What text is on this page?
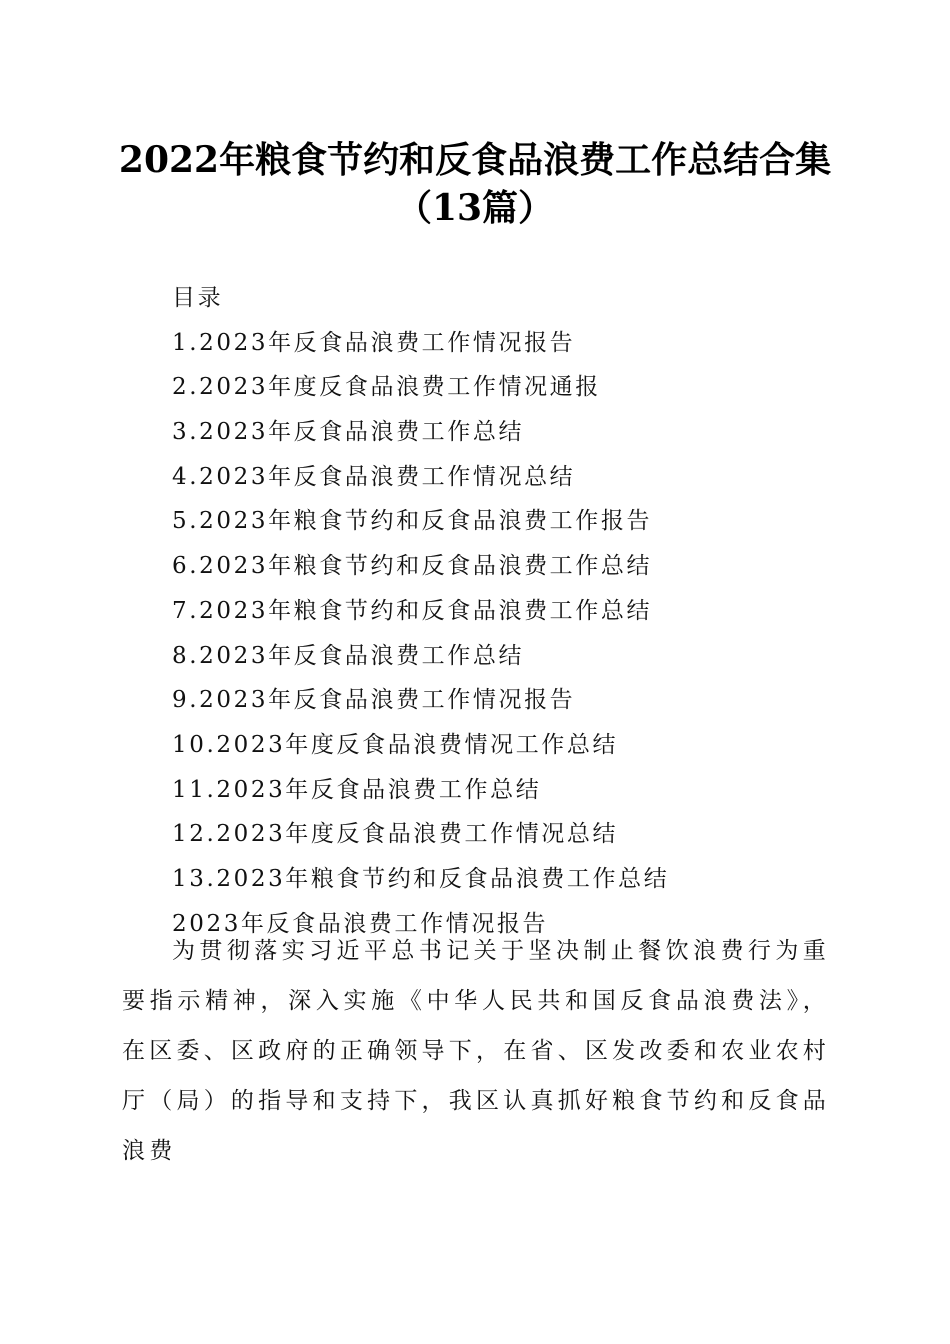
2022年粮食节约和反食品浪费工作总结合集
（13篇）
目录
1.2023年反食品浪费工作情况报告
2.2023年度反食品浪费工作情况通报
3.2023年反食品浪费工作总结
4.2023年反食品浪费工作情况总结
5.2023年粮食节约和反食品浪费工作报告
6.2023年粮食节约和反食品浪费工作总结
7.2023年粮食节约和反食品浪费工作总结
8.2023年反食品浪费工作总结
9.2023年反食品浪费工作情况报告
10.2023年度反食品浪费情况工作总结
11.2023年反食品浪费工作总结
12.2023年度反食品浪费工作情况总结
13.2023年粮食节约和反食品浪费工作总结
2023年反食品浪费工作情况报告

为贯彻落实习近平总书记关于坚决制止餐饮浪费行为重要指示精神，深入实施《中华人民共和国反食品浪费法》，在区委、区政府的正确领导下，在省、区发改委和农业农村厅（局）的指导和支持下，我区认真抓好粮食节约和反食品浪费
